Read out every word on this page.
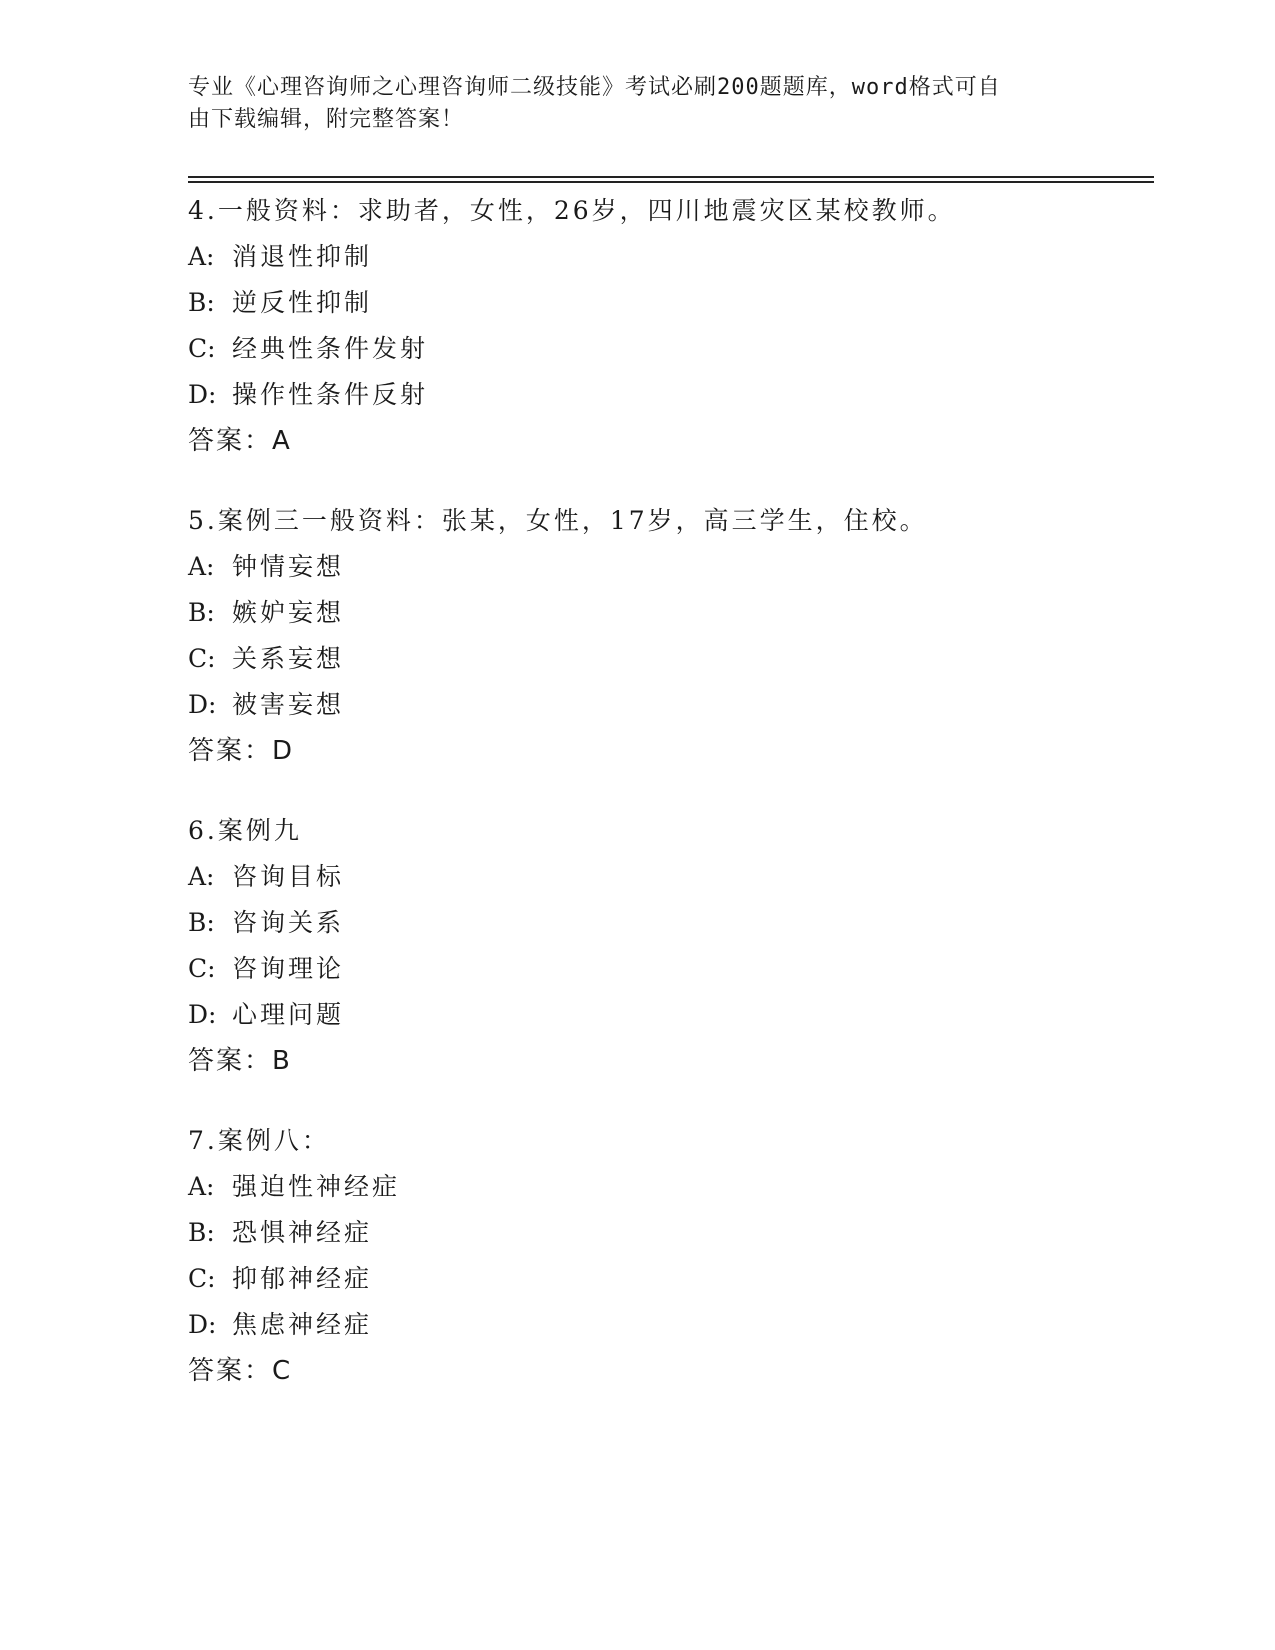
专业《心理咨询师之心理咨询师二级技能》考试必刷200题题库，word格式可自
由下载编辑，附完整答案！
4.一般资料：求助者，女性，26岁，四川地震灾区某校教师。
A: 消退性抑制
B: 逆反性抑制
C: 经典性条件发射
D: 操作性条件反射
答案：A
5.案例三一般资料：张某，女性，17岁，高三学生，住校。
A: 钟情妄想
B: 嫉妒妄想
C: 关系妄想
D: 被害妄想
答案：D
6.案例九
A: 咨询目标
B: 咨询关系
C: 咨询理论
D: 心理问题
答案：B
7.案例八：
A: 强迫性神经症
B: 恐惧神经症
C: 抑郁神经症
D: 焦虑神经症
答案：C
